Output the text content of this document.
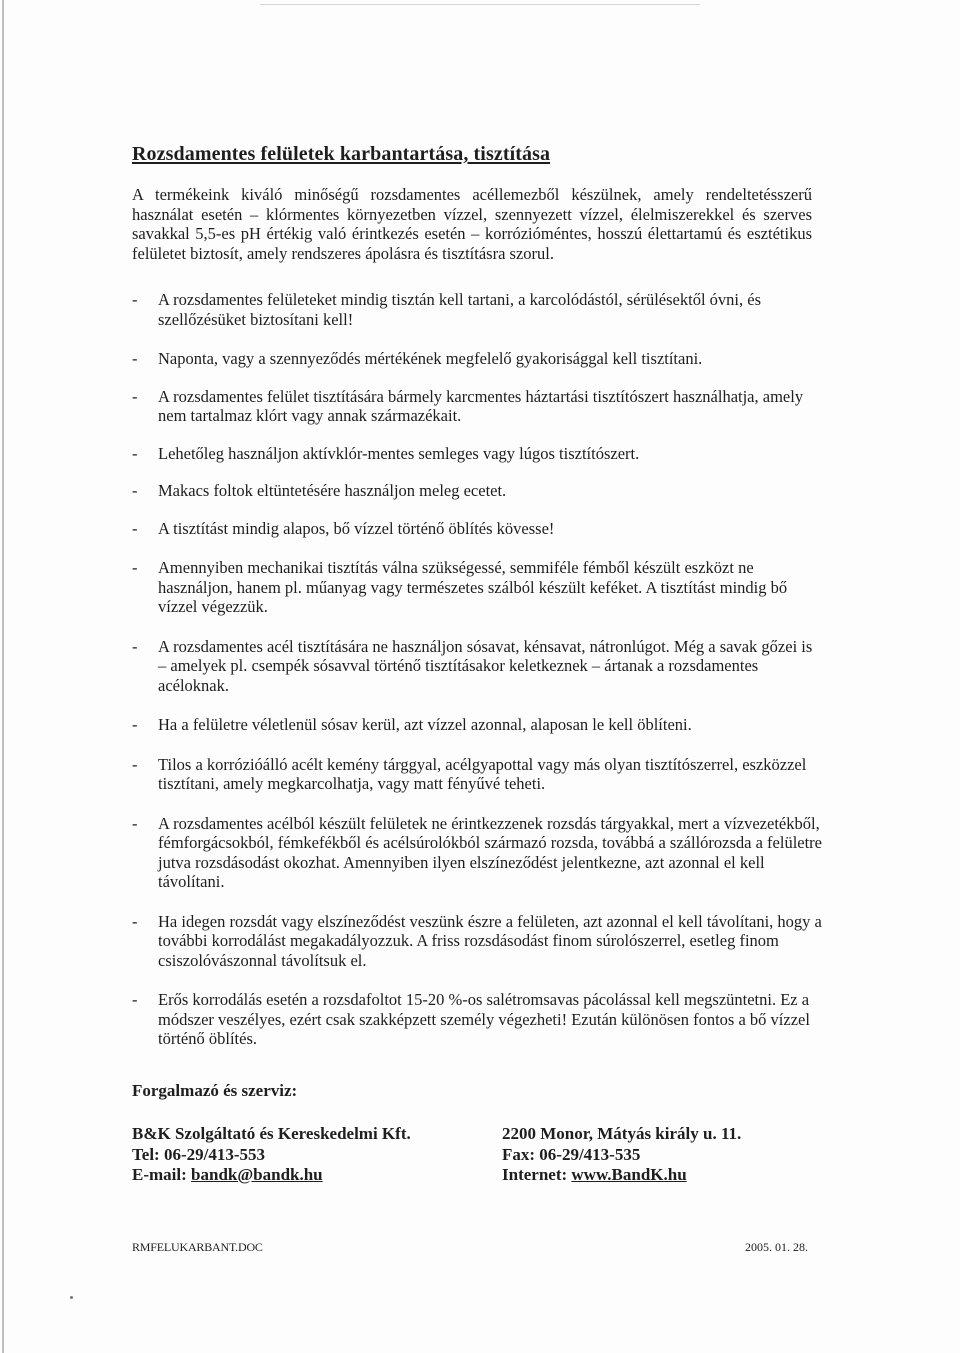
Rozsdamentes felületek karbantartása, tisztítása

A termékeink kiváló minőségű rozsdamentes acéllemezből készülnek, amely rendeltetésszerű használat esetén – klórmentes környezetben vízzel, szennyezett vízzel, élelmiszerekkel és szerves savakkal 5,5-es pH értékig való érintkezés esetén – korrózióméntes, hosszú élettartamú és esztétikus felületet biztosít, amely rendszeres ápolásra és tisztításra szorul.

- A rozsdamentes felületeket mindig tisztán kell tartani, a karcolódástól, sérülésektől óvni, és szellőzésüket biztosítani kell!
- Naponta, vagy a szennyeződés mértékének megfelelő gyakorisággal kell tisztítani.
- A rozsdamentes felület tisztítására bármely karcmentes háztartási tisztítószert használhatja, amely nem tartalmaz klórt vagy annak származékait.
- Lehetőleg használjon aktívklór-mentes semleges vagy lúgos tisztítószert.
- Makacs foltok eltüntetésére használjon meleg ecetet.
- A tisztítást mindig alapos, bő vízzel történő öblítés kövesse!
- Amennyiben mechanikai tisztítás válna szükségessé, semmiféle fémből készült eszközt ne használjon, hanem pl. műanyag vagy természetes szálból készült keféket. A tisztítást mindig bő vízzel végezzük.
- A rozsdamentes acél tisztítására ne használjon sósavat, kénsavat, nátronlúgot. Még a savak gőzei is – amelyek pl. csempék sósavval történő tisztításakor keletkeznek – ártanak a rozsdamentes acéloknak.
- Ha a felületre véletlenül sósav kerül, azt vízzel azonnal, alaposan le kell öblíteni.
- Tilos a korrózióálló acélt kemény tárggyal, acélgyapottal vagy más olyan tisztítószerrel, eszközzel tisztítani, amely megkarcolhatja, vagy matt fényűvé teheti.
- A rozsdamentes acélból készült felületek ne érintkezzenek rozsdás tárgyakkal, mert a vízvezetékből, fémforgácsokból, fémkefékből és acélsúrolókból származó rozsda, továbbá a szállórozsda a felületre jutva rozsdásodást okozhat. Amennyiben ilyen elszíneződést jelentkezne, azt azonnal el kell távolítani.
- Ha idegen rozsdát vagy elszíneződést veszünk észre a felületen, azt azonnal el kell távolítani, hogy a további korrodálást megakadályozzuk. A friss rozsdásodást finom súrolószerrel, esetleg finom csiszolóvászonnal távolítsuk el.
- Erős korrodálás esetén a rozsdafoltot 15-20 %-os salétromsavas pácolással kell megszüntetni. Ez a módszer veszélyes, ezért csak szakképzett személy végezheti! Ezután különösen fontos a bő vízzel történő öblítés.
Forgalmazó és szerviz:
B&K Szolgáltató és Kereskedelmi Kft.
Tel: 06-29/413-553
E-mail: bandk@bandk.hu
2200 Monor, Mátyás király u. 11.
Fax: 06-29/413-535
Internet: www.BandK.hu
RMFELUKARBANT.DOC	2005. 01. 28.
